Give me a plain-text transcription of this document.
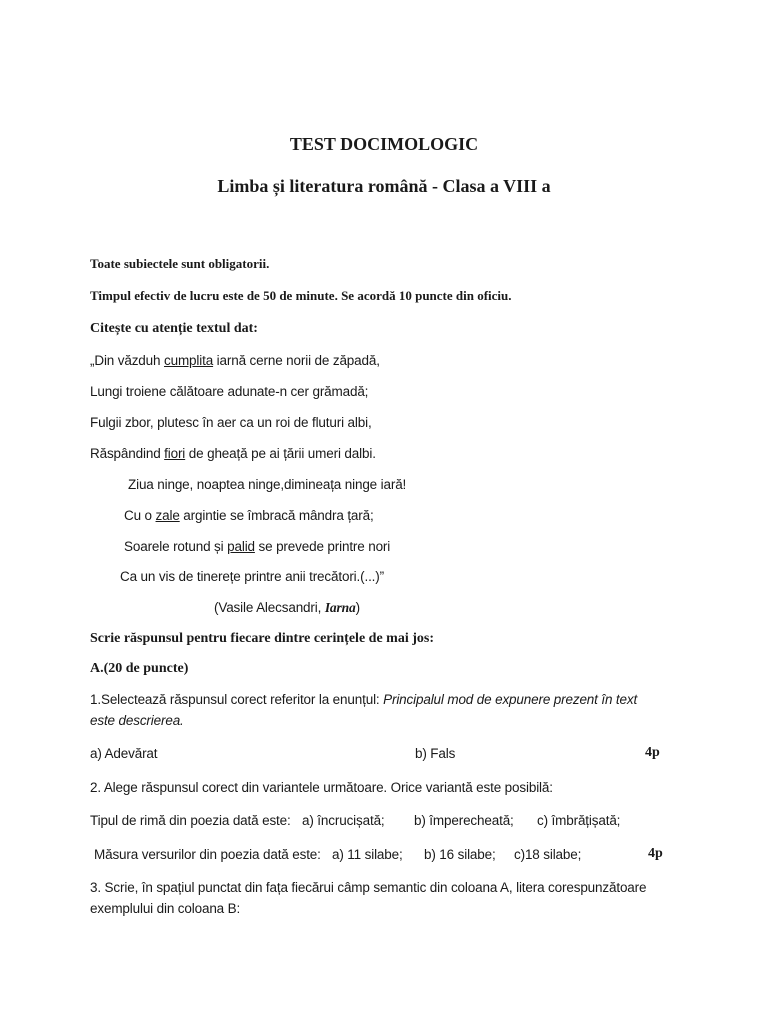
TEST DOCIMOLOGIC
Limba și literatura română - Clasa a VIII a
Toate subiectele sunt obligatorii.
Timpul efectiv de lucru este de 50 de minute. Se acordă 10 puncte din oficiu.
Citește cu atenție textul dat:
„Din văzduh cumplita iarnă cerne norii de zăpadă,
Lungi troiene călătoare adunate-n cer grămadă;
Fulgii zbor, plutesc în aer ca un roi de fluturi albi,
Răspândind fiori de gheață pe ai țării umeri dalbi.
Ziua ninge, noaptea ninge,dimineața ninge iară!
Cu o zale argintie se îmbracă mândra țară;
Soarele rotund și palid se prevede printre nori
Ca un vis de tinerețe printre anii trecători.(...)”
(Vasile Alecsandri, Iarna)
Scrie răspunsul pentru fiecare dintre cerințele de mai jos:
A.(20 de puncte)
1.Selectează răspunsul corect referitor la enunțul: Principalul mod de expunere prezent în text
este descrierea.
a) Adevărat	b) Fals	4p
2. Alege răspunsul corect din variantele următoare. Orice variantă este posibilă:
Tipul de rimă din poezia dată este: a) încrucișată; b) împerecheată; c) îmbrățișată;
Măsura versurilor din poezia dată este: a) 11 silabe; b) 16 silabe; c)18 silabe;	4p
3. Scrie, în spațiul punctat din fața fiecărui câmp semantic din coloana A, litera corespunzătoare
exemplului din coloana B:
